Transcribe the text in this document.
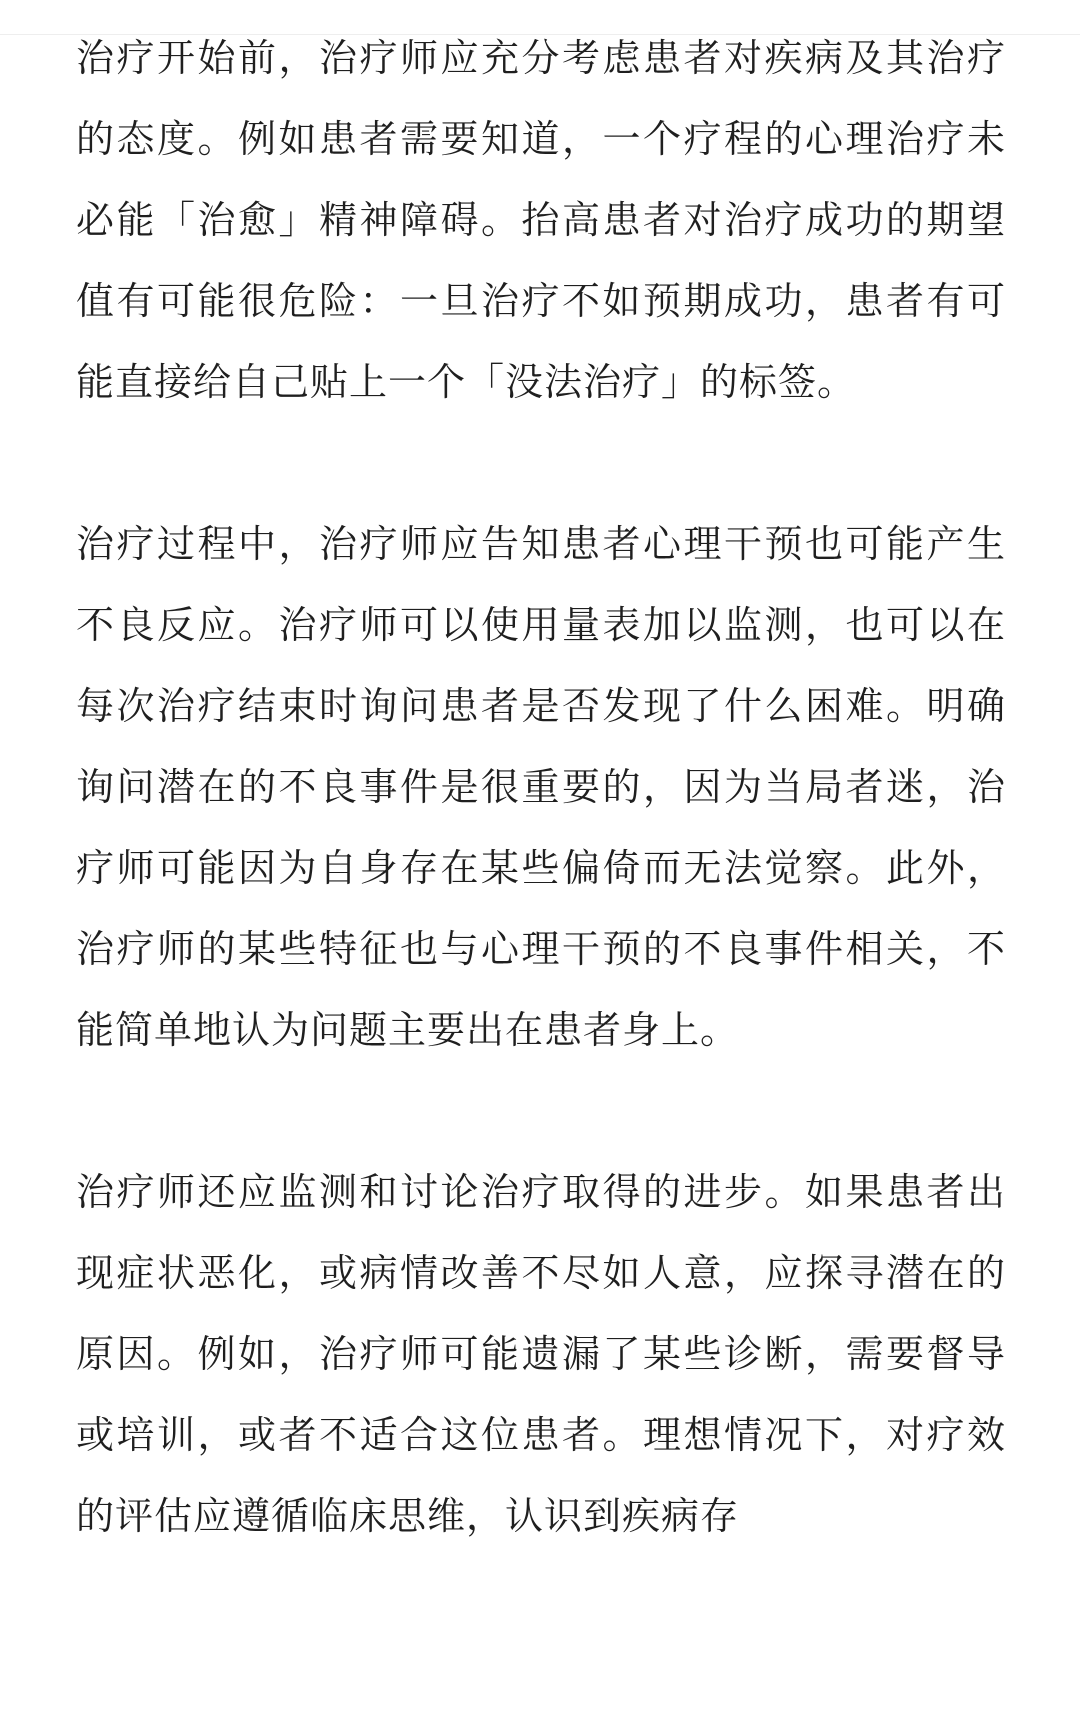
治疗开始前，治疗师应充分考虑患者对疾病及其治疗的态度。例如患者需要知道，一个疗程的心理治疗未必能「治愈」精神障碍。抬高患者对治疗成功的期望值有可能很危险：一旦治疗不如预期成功，患者有可能直接给自己贴上一个「没法治疗」的标签。

治疗过程中，治疗师应告知患者心理干预也可能产生不良反应。治疗师可以使用量表加以监测，也可以在每次治疗结束时询问患者是否发现了什么困难。明确询问潜在的不良事件是很重要的，因为当局者迷，治疗师可能因为自身存在某些偏倚而无法觉察。此外，治疗师的某些特征也与心理干预的不良事件相关，不能简单地认为问题主要出在患者身上。

治疗师还应监测和讨论治疗取得的进步。如果患者出现症状恶化，或病情改善不尽如人意，应探寻潜在的原因。例如，治疗师可能遗漏了某些诊断，需要督导或培训，或者不适合这位患者。理想情况下，对疗效的评估应遵循临床思维，认识到疾病存
